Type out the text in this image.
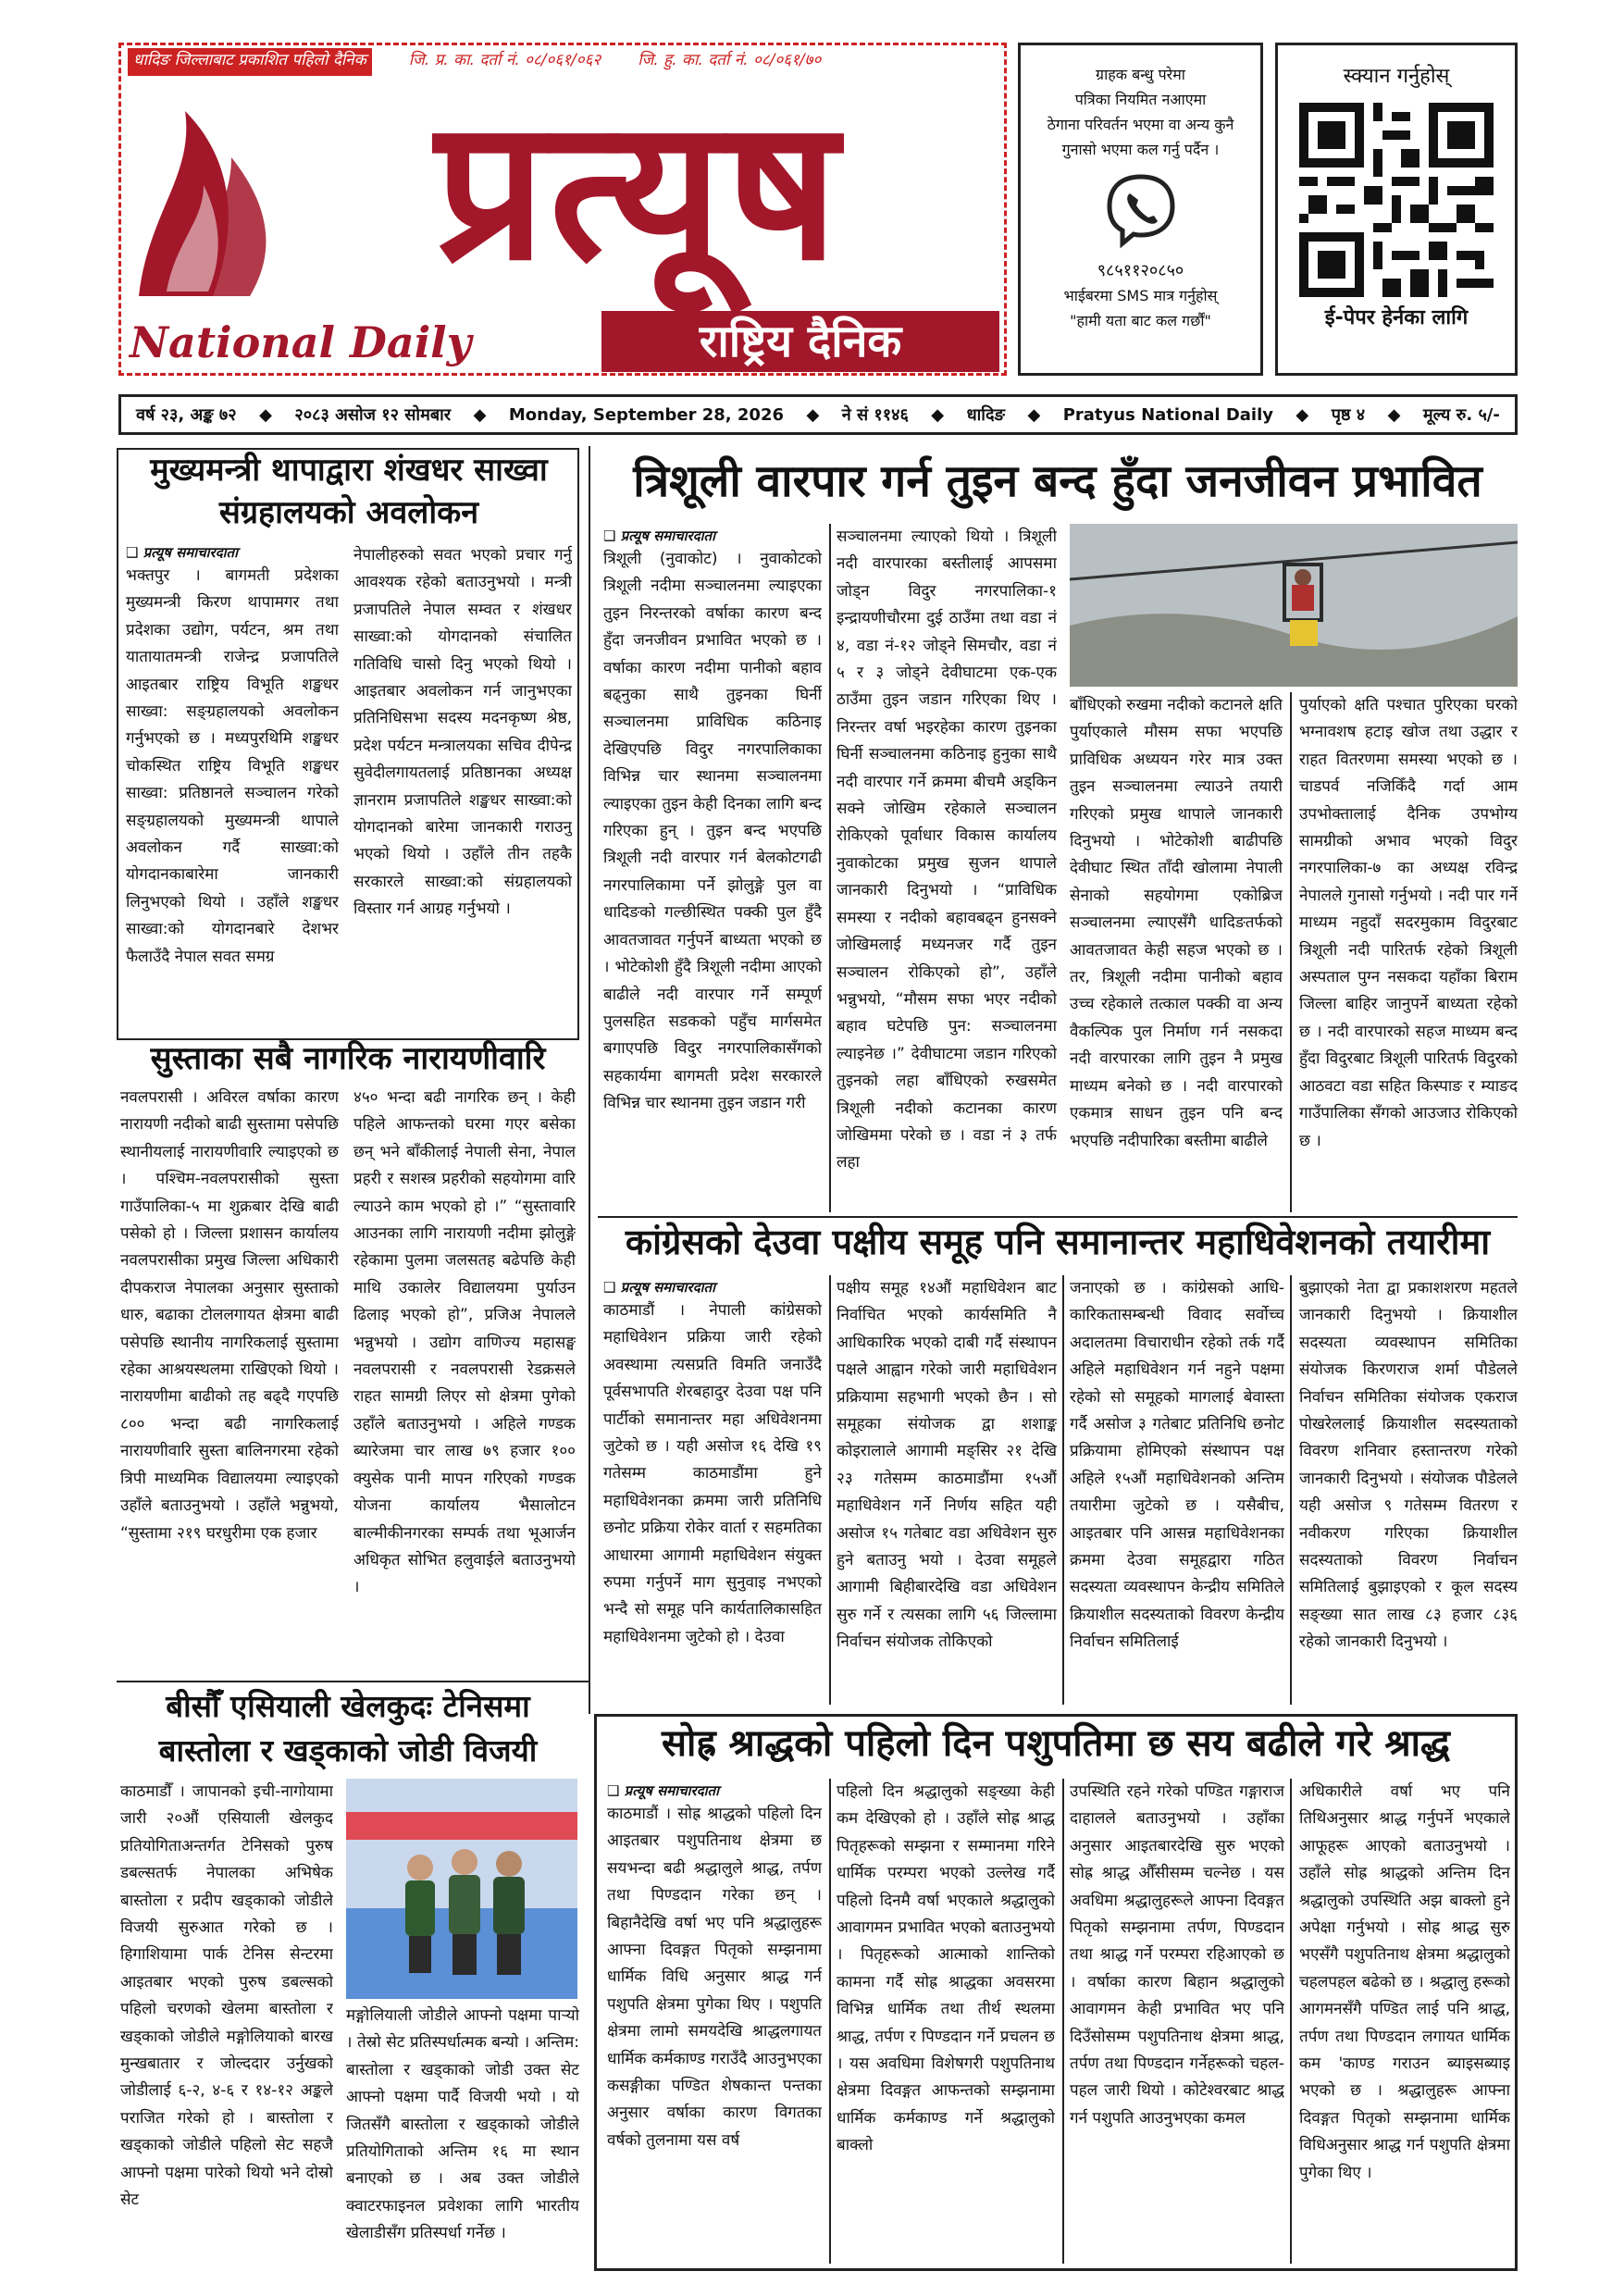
धादिङ जिल्लाबाट प्रकाशित पहिलो दैनिक	जि. प्र. का. दर्ता नं. ०८/०६१/०६२ जि. हु. का. दर्ता नं. ०८/०६१/७०
प्रत्यूष
National Daily	राष्ट्रिय दैनिक
ग्राहक बन्धु परेमा
पत्रिका नियमित नआएमा
ठेगाना परिवर्तन भएमा वा अन्य कुनै
गुनासो भएमा कल गर्नु पर्दैन ।
९८५११२०८५०
भाईबरमा SMS मात्र गर्नुहोस्
"हामी यता बाट कल गर्छौं"
स्क्यान गर्नुहोस्
ई-पेपर हेर्नका लागि
वर्ष २३, अङ्क ७२ ◆ २०८३ असोज १२ सोमबार ◆ Monday, September 28, 2026 ◆ ने सं ११४६ ◆ धादिङ ◆ Pratyus National Daily ◆ पृष्ठ ४ ◆ मूल्य रु. ५/-
मुख्यमन्त्री थापाद्वारा शंखधर साख्वा
संग्रहालयको अवलोकन
❑ प्रत्यूष समाचारदाता
भक्तपुर । बागमती प्रदेशका मुख्यमन्त्री किरण थापामगर तथा प्रदेशका उद्योग, पर्यटन, श्रम तथा यातायातमन्त्री राजेन्द्र प्रजापतिले आइतबार राष्ट्रिय विभूति शङ्खधर साख्वा: सङ्ग्रहालयको अवलोकन गर्नुभएको छ । मध्यपुरथिमि शङ्खधर चोकस्थित राष्ट्रिय विभूति शङ्खधर साख्वा: प्रतिष्ठानले सञ्चालन गरेको सङ्ग्रहालयको मुख्यमन्त्री थापाले अवलोकन गर्दै साख्वा:को योगदानकाबारेमा जानकारी लिनुभएको थियो । उहाँले शङ्खधर साख्वा:को योगदानबारे देशभर फैलाउँदै नेपाल सवत समग्र
नेपालीहरुको सवत भएको प्रचार गर्नु आवश्यक रहेको बताउनुभयो । मन्त्री प्रजापतिले नेपाल सम्वत र शंखधर साख्वा:को योगदानको संचालित गतिविधि चासो दिनु भएको थियो । आइतबार अवलोकन गर्न जानुभएका प्रतिनिधिसभा सदस्य मदनकृष्ण श्रेष्ठ, प्रदेश पर्यटन मन्त्रालयका सचिव दीपेन्द्र सुवेदीलगायतलाई प्रतिष्ठानका अध्यक्ष ज्ञानराम प्रजापतिले शङ्खधर साख्वा:को योगदानको बारेमा जानकारी गराउनु भएको थियो । उहाँले तीन तहकै सरकारले साख्वा:को संग्रहालयको विस्तार गर्न आग्रह गर्नुभयो ।
सुस्ताका सबै नागरिक नारायणीवारि
नवलपरासी । अविरल वर्षाका कारण नारायणी नदीको बाढी सुस्तामा पसेपछि स्थानीयलाई नारायणीवारि ल्याइएको छ । पश्चिम-नवलपरासीको सुस्ता गाउँपालिका-५ मा शुक्रबार देखि बाढी पसेको हो । जिल्ला प्रशासन कार्यालय नवलपरासीका प्रमुख जिल्ला अधिकारी दीपकराज नेपालका अनुसार सुस्ताको धारु, बढाका टोललगायत क्षेत्रमा बाढी पसेपछि स्थानीय नागरिकलाई सुस्तामा रहेका आश्रयस्थलमा राखिएको थियो । नारायणीमा बाढीको तह बढ्दै गएपछि ८०० भन्दा बढी नागरिकलाई नारायणीवारि सुस्ता बालिनगरमा रहेको त्रिपी माध्यमिक विद्यालयमा ल्याइएको उहाँले बताउनुभयो । उहाँले भन्नुभयो, “सुस्तामा २१९ घरधुरीमा एक हजार
४५० भन्दा बढी नागरिक छन् । केही पहिले आफन्तको घरमा गएर बसेका छन् भने बाँकीलाई नेपाली सेना, नेपाल प्रहरी र सशस्त्र प्रहरीको सहयोगमा वारि ल्याउने काम भएको हो ।” “सुस्तावारि आउनका लागि नारायणी नदीमा झोलुङ्गे रहेकामा पुलमा जलसतह बढेपछि केही माथि उकालेर विद्यालयमा पुर्याउन ढिलाइ भएको हो”, प्रजिअ नेपालले भन्नुभयो । उद्योग वाणिज्य महासङ्घ नवलपरासी र नवलपरासी रेडक्रसले राहत सामग्री लिएर सो क्षेत्रमा पुगेको उहाँले बताउनुभयो । अहिले गण्डक ब्यारेजमा चार लाख ७९ हजार १०० क्युसेक पानी मापन गरिएको गण्डक योजना कार्यालय भैसालोटन बाल्मीकीनगरका सम्पर्क तथा भूआर्जन अधिकृत सोभित हलुवाईले बताउनुभयो ।
बीसौँ एसियाली खेलकुदः टेनिसमा
बास्तोला र खड्काको जोडी विजयी
काठमाडौँ । जापानको इची-नागोयामा जारी २०औं एसियाली खेलकुद प्रतियोगिताअन्तर्गत टेनिसको पुरुष डबल्सतर्फ नेपालका अभिषेक बास्तोला र प्रदीप खड्काको जोडीले विजयी सुरुआत गरेको छ । हिगाशियामा पार्क टेनिस सेन्टरमा आइतबार भएको पुरुष डबल्सको पहिलो चरणको खेलमा बास्तोला र खड्काको जोडीले मङ्गोलियाको बारख मुन्खबातार र जोल्ददार उर्नुखको जोडीलाई ६-२, ४-६ र १४-१२ अङ्कले पराजित गरेको हो । बास्तोला र खड्काको जोडीले पहिलो सेट सहजै आफ्नो पक्षमा पारेको थियो भने दोस्रो सेट
मङ्गोलियाली जोडीले आफ्नो पक्षमा पार्‍यो । तेस्रो सेट प्रतिस्पर्धात्मक बन्यो । अन्तिम: बास्तोला र खड्काको जोडी उक्त सेट आफ्नो पक्षमा पार्दै विजयी भयो । यो जितसँगै बास्तोला र खड्काको जोडीले प्रतियोगिताको अन्तिम १६ मा स्थान बनाएको छ । अब उक्त जोडीले क्वाटरफाइनल प्रवेशका लागि भारतीय खेलाडीसँग प्रतिस्पर्धा गर्नेछ ।
त्रिशूली वारपार गर्न तुइन बन्द हुँदा जनजीवन प्रभावित
❑ प्रत्यूष समाचारदाता
त्रिशूली (नुवाकोट) । नुवाकोटको त्रिशूली नदीमा सञ्चालनमा ल्याइएका तुइन निरन्तरको वर्षाका कारण बन्द हुँदा जनजीवन प्रभावित भएको छ । वर्षाका कारण नदीमा पानीको बहाव बढ्नुका साथै तुइनका घिर्नी सञ्चालनमा प्राविधिक कठिनाइ देखिएपछि विदुर नगरपालिकाका विभिन्न चार स्थानमा सञ्चालनमा ल्याइएका तुइन केही दिनका लागि बन्द गरिएका हुन् । तुइन बन्द भएपछि त्रिशूली नदी वारपार गर्न बेलकोटगढी नगरपालिकामा पर्ने झोलुङ्गे पुल वा धादिङको गल्छीस्थित पक्की पुल हुँदै आवतजावत गर्नुपर्ने बाध्यता भएको छ । भोटेकोशी हुँदै त्रिशूली नदीमा आएको बाढीले नदी वारपार गर्ने सम्पूर्ण पुलसहित सडकको पहुँच मार्गसमेत बगाएपछि विदुर नगरपालिकासँगको सहकार्यमा बागमती प्रदेश सरकारले विभिन्न चार स्थानमा तुइन जडान गरी
सञ्चालनमा ल्याएको थियो । त्रिशूली नदी वारपारका बस्तीलाई आपसमा जोड्न विदुर नगरपालिका-१ इन्द्रायणीचौरमा दुई ठाउँमा तथा वडा नं ४, वडा नं-१२ जोड्ने सिमचौर, वडा नं ५ र ३ जोड्ने देवीघाटमा एक-एक ठाउँमा तुइन जडान गरिएका थिए । निरन्तर वर्षा भइरहेका कारण तुइनका घिर्नी सञ्चालनमा कठिनाइ हुनुका साथै नदी वारपार गर्ने क्रममा बीचमै अड्किन सक्ने जोखिम रहेकाले सञ्चालन रोकिएको पूर्वाधार विकास कार्यालय नुवाकोटका प्रमुख सुजन थापाले जानकारी दिनुभयो । “प्राविधिक समस्या र नदीको बहावबढ्न हुनसक्ने जोखिमलाई मध्यनजर गर्दै तुइन सञ्चालन रोकिएको हो”, उहाँले भन्नुभयो, “मौसम सफा भएर नदीको बहाव घटेपछि पुन: सञ्चालनमा ल्याइनेछ ।” देवीघाटमा जडान गरिएको तुइनको लहा बाँधिएको रुखसमेत त्रिशूली नदीको कटानका कारण जोखिममा परेको छ । वडा नं ३ तर्फ लहा
बाँधिएको रुखमा नदीको कटानले क्षति पुर्याएकाले मौसम सफा भएपछि प्राविधिक अध्ययन गरेर मात्र उक्त तुइन सञ्चालनमा ल्याउने तयारी गरिएको प्रमुख थापाले जानकारी दिनुभयो । भोटेकोशी बाढीपछि देवीघाट स्थित ताँदी खोलामा नेपाली सेनाको सहयोगमा एकोब्रिज सञ्चालनमा ल्याएसँगै धादिङतर्फको आवतजावत केही सहज भएको छ । तर, त्रिशूली नदीमा पानीको बहाव उच्च रहेकाले तत्काल पक्की वा अन्य वैकल्पिक पुल निर्माण गर्न नसकदा नदी वारपारका लागि तुइन नै प्रमुख माध्यम बनेको छ । नदी वारपारको एकमात्र साधन तुइन पनि बन्द भएपछि नदीपारिका बस्तीमा बाढीले
पुर्याएको क्षति पश्चात पुरिएका घरको भग्नावशष हटाइ खोज तथा उद्धार र राहत वितरणमा समस्या भएको छ । चाडपर्व नजिकिँदै गर्दा आम उपभोक्तालाई दैनिक उपभोग्य सामग्रीको अभाव भएको विदुर नगरपालिका-७ का अध्यक्ष रविन्द्र नेपालले गुनासो गर्नुभयो । नदी पार गर्ने माध्यम नहुदाँ सदरमुकाम विदुरबाट त्रिशूली नदी पारितर्फ रहेको त्रिशूली अस्पताल पुग्न नसकदा यहाँका बिराम जिल्ला बाहिर जानुपर्ने बाध्यता रहेको छ । नदी वारपारको सहज माध्यम बन्द हुँदा विदुरबाट त्रिशूली पारितर्फ विदुरको आठवटा वडा सहित किस्पाङ र म्याङद गाउँपालिका सँगको आउजाउ रोकिएको छ ।
कांग्रेसको देउवा पक्षीय समूह पनि समानान्तर महाधिवेशनको तयारीमा
❑ प्रत्यूष समाचारदाता
काठमाडौं । नेपाली कांग्रेसको महाधिवेशन प्रक्रिया जारी रहेको अवस्थामा त्यसप्रति विमति जनाउँदै पूर्वसभापति शेरबहादुर देउवा पक्ष पनि पार्टीको समानान्तर महा अधिवेशनमा जुटेको छ । यही असोज १६ देखि १९ गतेसम्म काठमाडौंमा हुने महाधिवेशनका क्रममा जारी प्रतिनिधि छनोट प्रक्रिया रोकेर वार्ता र सहमतिका आधारमा आगामी महाधिवेशन संयुक्त रुपमा गर्नुपर्ने माग सुनुवाइ नभएको भन्दै सो समूह पनि कार्यतालिकासहित महाधिवेशनमा जुटेको हो । देउवा
पक्षीय समूह १४औं महाधिवेशन बाट निर्वाचित भएको कार्यसमिति नै आधिकारिक भएको दाबी गर्दै संस्थापन पक्षले आह्वान गरेको जारी महाधिवेशन प्रक्रियामा सहभागी भएको छैन । सो समूहका संयोजक द्वा शशाङ्क कोइरालाले आगामी मङ्सिर २१ देखि २३ गतेसम्म काठमाडौंमा १५औं महाधिवेशन गर्ने निर्णय सहित यही असोज १५ गतेबाट वडा अधिवेशन सुरु हुने बताउनु भयो । देउवा समूहले आगामी बिहीबारदेखि वडा अधिवेशन सुरु गर्ने र त्यसका लागि ५६ जिल्लामा निर्वाचन संयोजक तोकिएको
जनाएको छ । कांग्रेसको आधि-कारिकतासम्बन्धी विवाद सर्वोच्च अदालतमा विचाराधीन रहेको तर्क गर्दै अहिले महाधिवेशन गर्न नहुने पक्षमा रहेको सो समूहको मागलाई बेवास्ता गर्दै असोज ३ गतेबाट प्रतिनिधि छनोट प्रक्रियामा होमिएको संस्थापन पक्ष अहिले १५औं महाधिवेशनको अन्तिम तयारीमा जुटेको छ । यसैबीच, आइतबार पनि आसन्न महाधिवेशनका क्रममा देउवा समूहद्वारा गठित सदस्यता व्यवस्थापन केन्द्रीय समितिले क्रियाशील सदस्यताको विवरण केन्द्रीय निर्वाचन समितिलाई
बुझाएको नेता द्वा प्रकाशशरण महतले जानकारी दिनुभयो । क्रियाशील सदस्यता व्यवस्थापन समितिका संयोजक किरणराज शर्मा पौडेलले निर्वाचन समितिका संयोजक एकराज पोखरेललाई क्रियाशील सदस्यताको विवरण शनिवार हस्तान्तरण गरेको जानकारी दिनुभयो । संयोजक पौडेलले यही असोज ९ गतेसम्म वितरण र नवीकरण गरिएका क्रियाशील सदस्यताको विवरण निर्वाचन समितिलाई बुझाइएको र कूल सदस्य सङ्ख्या सात लाख ८३ हजार ८३६ रहेको जानकारी दिनुभयो ।
सोह्र श्राद्धको पहिलो दिन पशुपतिमा छ सय बढीले गरे श्राद्ध
❑ प्रत्यूष समाचारदाता
काठमाडौं । सोह्र श्राद्धको पहिलो दिन आइतबार पशुपतिनाथ क्षेत्रमा छ सयभन्दा बढी श्रद्धालुले श्राद्ध, तर्पण तथा पिण्डदान गरेका छन् । बिहानैदेखि वर्षा भए पनि श्रद्धालुहरू आफ्ना दिवङ्गत पितृको सम्झनामा धार्मिक विधि अनुसार श्राद्ध गर्न पशुपति क्षेत्रमा पुगेका थिए । पशुपति क्षेत्रमा लामो समयदेखि श्राद्धलगायत धार्मिक कर्मकाण्ड गराउँदै आउनुभएका कसङ्गीका पण्डित शेषकान्त पन्तका अनुसार वर्षाका कारण विगतका वर्षको तुलनामा यस वर्ष
पहिलो दिन श्रद्धालुको सङ्ख्या केही कम देखिएको हो । उहाँले सोह्र श्राद्ध पितृहरूको सम्झना र सम्मानमा गरिने धार्मिक परम्परा भएको उल्लेख गर्दै पहिलो दिनमै वर्षा भएकाले श्रद्धालुको आवागमन प्रभावित भएको बताउनुभयो । पितृहरूको आत्माको शान्तिको कामना गर्दै सोह्र श्राद्धका अवसरमा विभिन्न धार्मिक तथा तीर्थ स्थलमा श्राद्ध, तर्पण र पिण्डदान गर्ने प्रचलन छ । यस अवधिमा विशेषगरी पशुपतिनाथ क्षेत्रमा दिवङ्गत आफन्तको सम्झनामा धार्मिक कर्मकाण्ड गर्ने श्रद्धालुको बाक्लो
उपस्थिति रहने गरेको पण्डित गङ्गाराज दाहालले बताउनुभयो । उहाँका अनुसार आइतबारदेखि सुरु भएको सोह्र श्राद्ध औँसीसम्म चल्नेछ । यस अवधिमा श्रद्धालुहरूले आफ्ना दिवङ्गत पितृको सम्झनामा तर्पण, पिण्डदान तथा श्राद्ध गर्ने परम्परा रहिआएको छ । वर्षाका कारण बिहान श्रद्धालुको आवागमन केही प्रभावित भए पनि दिउँसोसम्म पशुपतिनाथ क्षेत्रमा श्राद्ध, तर्पण तथा पिण्डदान गर्नेहरूको चहल-पहल जारी थियो । कोटेश्वरबाट श्राद्ध गर्न पशुपति आउनुभएका कमल
अधिकारीले वर्षा भए पनि तिथिअनुसार श्राद्ध गर्नुपर्ने भएकाले आफूहरू आएको बताउनुभयो । उहाँले सोह्र श्राद्धको अन्तिम दिन श्रद्धालुको उपस्थिति अझ बाक्लो हुने अपेक्षा गर्नुभयो । सोह्र श्राद्ध सुरु भएसँगै पशुपतिनाथ क्षेत्रमा श्रद्धालुको चहलपहल बढेको छ । श्रद्धालु हरूको आगमनसँगै पण्डित लाई पनि श्राद्ध, तर्पण तथा पिण्डदान लगायत धार्मिक कम 'काण्ड गराउन ब्याइसब्याइ भएको छ । श्रद्धालुहरू आफ्ना दिवङ्गत पितृको सम्झनामा धार्मिक विधिअनुसार श्राद्ध गर्न पशुपति क्षेत्रमा पुगेका थिए ।
